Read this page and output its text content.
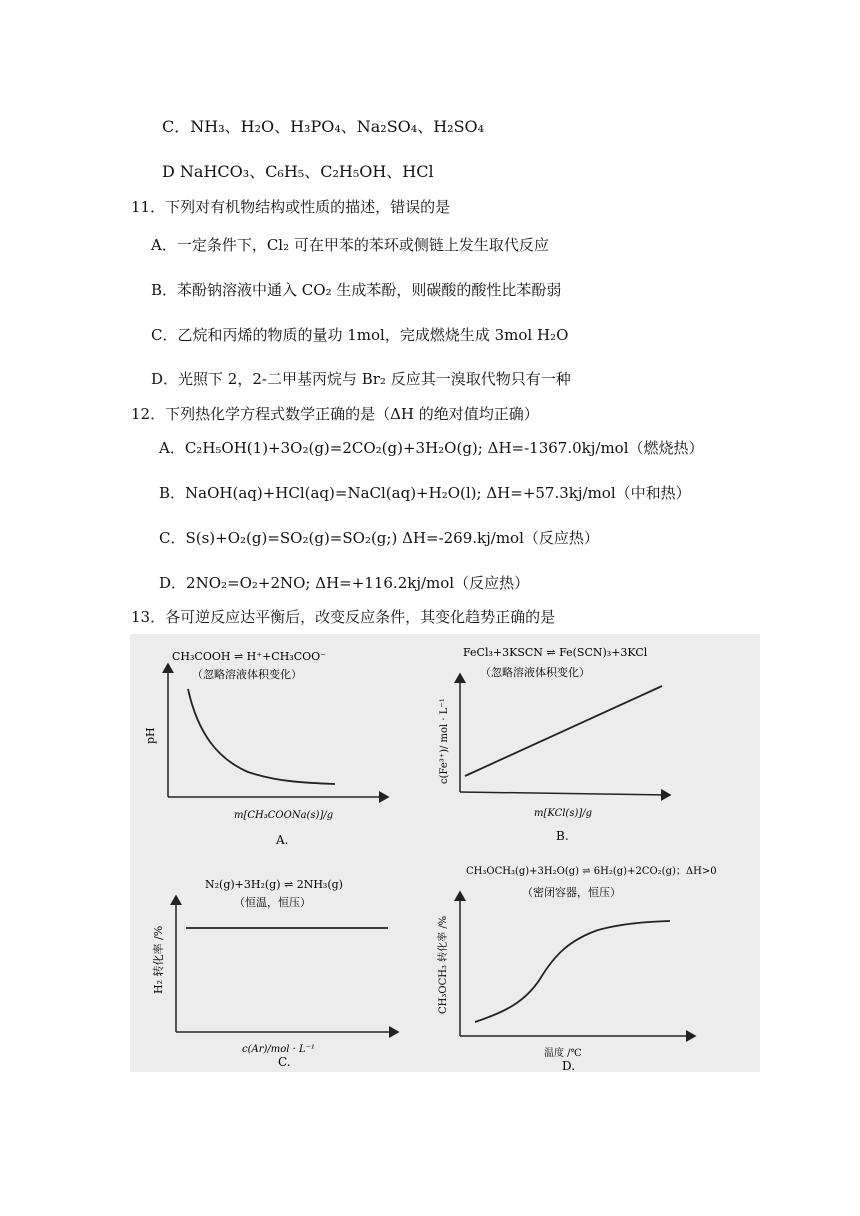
C．NH₃、H₂O、H₃PO₄、Na₂SO₄、H₂SO₄
D NaHCO₃、C₆H₅、C₂H₅OH、HCl
11．下列对有机物结构或性质的描述，错误的是
A．一定条件下，Cl₂ 可在甲苯的苯环或侧链上发生取代反应
B．苯酚钠溶液中通入 CO₂ 生成苯酚，则碳酸的酸性比苯酚弱
C．乙烷和丙烯的物质的量功 1mol，完成燃烧生成 3mol H₂O
D．光照下 2，2-二甲基丙烷与 Br₂ 反应其一溴取代物只有一种
12．下列热化学方程式数学正确的是（ΔH 的绝对值均正确）
A．C₂H₅OH(1)+3O₂(g)=2CO₂(g)+3H₂O(g); ΔH=-1367.0kj/mol（燃烧热）
B．NaOH(aq)+HCl(aq)=NaCl(aq)+H₂O(l); ΔH=+57.3kj/mol（中和热）
C．S(s)+O₂(g)=SO₂(g)=SO₂(g;) ΔH=-269.kj/mol（反应热）
D．2NO₂=O₂+2NO; ΔH=+116.2kj/mol（反应热）
13．各可逆反应达平衡后，改变反应条件，其变化趋势正确的是
CH₃COOH ⇌ H⁺+CH₃COO⁻
（忽略溶液体积变化）
pH
m[CH₃COONa(s)]/g
A.
FeCl₃+3KSCN ⇌ Fe(SCN)₃+3KCl
（忽略溶液体积变化）
c(Fe³⁺)/ mol · L⁻¹
m[KCl(s)]/g
B.
N₂(g)+3H₂(g) ⇌ 2NH₃(g)
（恒温，恒压）
H₂ 转化率 /%
c(Ar)/mol · L⁻¹
C.
CH₃OCH₃(g)+3H₂O(g) ⇌ 6H₂(g)+2CO₂(g)；ΔH>0
（密闭容器，恒压）
CH₃OCH₃ 转化率 /%
温度 /℃
D.
